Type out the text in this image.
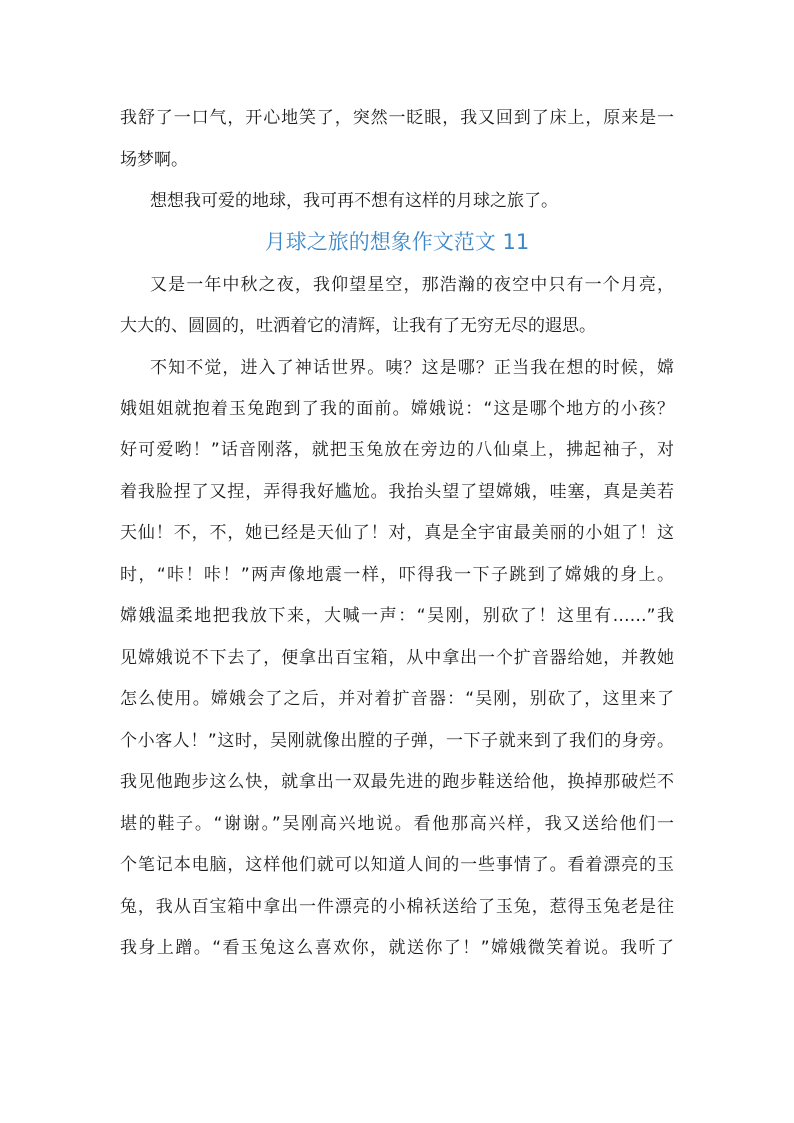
我舒了一口气，开心地笑了，突然一眨眼，我又回到了床上，原来是一
场梦啊。
想想我可爱的地球，我可再不想有这样的月球之旅了。
月球之旅的想象作文范文 11
又是一年中秋之夜，我仰望星空，那浩瀚的夜空中只有一个月亮，
大大的、圆圆的，吐洒着它的清辉，让我有了无穷无尽的遐思。
不知不觉，进入了神话世界。咦？这是哪？正当我在想的时候，嫦
娥姐姐就抱着玉兔跑到了我的面前。嫦娥说：“这是哪个地方的小孩？
好可爱哟！”话音刚落，就把玉兔放在旁边的八仙桌上，拂起袖子，对
着我脸捏了又捏，弄得我好尴尬。我抬头望了望嫦娥，哇塞，真是美若
天仙！不，不，她已经是天仙了！对，真是全宇宙最美丽的小姐了！这
时，“咔！咔！”两声像地震一样，吓得我一下子跳到了嫦娥的身上。
嫦娥温柔地把我放下来，大喊一声：“吴刚，别砍了！这里有……”我
见嫦娥说不下去了，便拿出百宝箱，从中拿出一个扩音器给她，并教她
怎么使用。嫦娥会了之后，并对着扩音器：“吴刚，别砍了，这里来了
个小客人！”这时，吴刚就像出膛的子弹，一下子就来到了我们的身旁。
我见他跑步这么快，就拿出一双最先进的跑步鞋送给他，换掉那破烂不
堪的鞋子。“谢谢。”吴刚高兴地说。看他那高兴样，我又送给他们一
个笔记本电脑，这样他们就可以知道人间的一些事情了。看着漂亮的玉
兔，我从百宝箱中拿出一件漂亮的小棉袄送给了玉兔，惹得玉兔老是往
我身上蹭。“看玉兔这么喜欢你，就送你了！”嫦娥微笑着说。我听了
